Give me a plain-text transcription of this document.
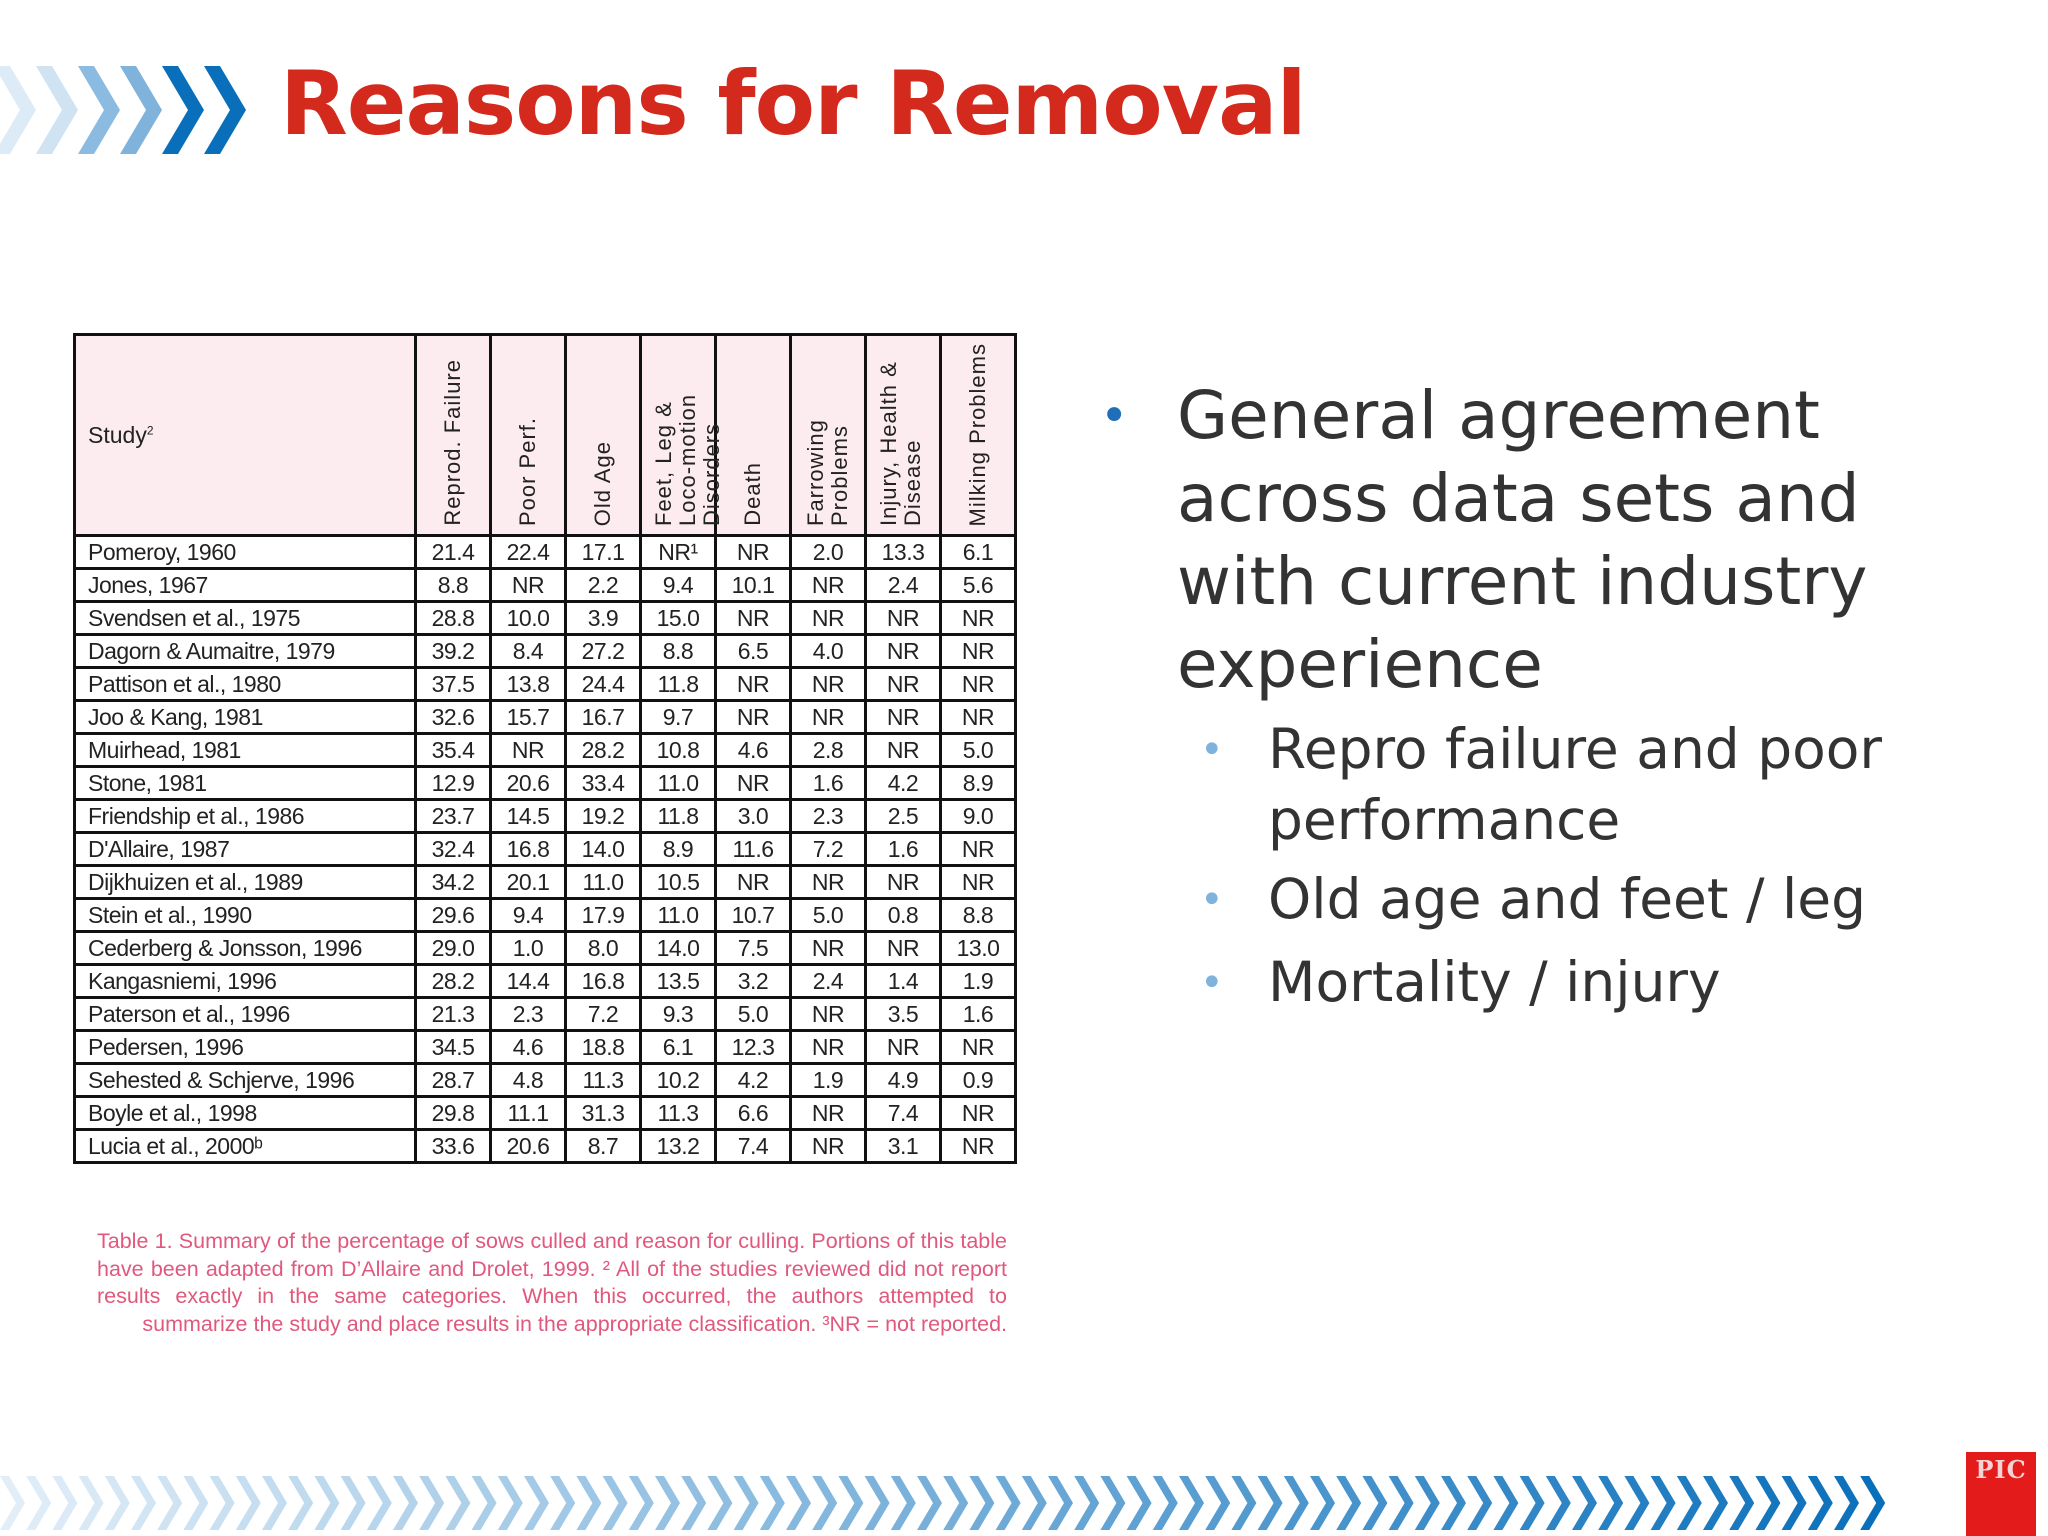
Reasons for Removal
Study$^2$	Reprod. Failure	Poor Perf.	Old Age	Feet, Leg & Loco-motion Disorders	Death	Farrowing Problems	Injury, Health & Disease	Milking Problems

Pomeroy, 1960	21.4	22.4	17.1	NR¹	NR	2.0	13.3	6.1
Jones, 1967	8.8	NR	2.2	9.4	10.1	NR	2.4	5.6
Svendsen et al., 1975	28.8	10.0	3.9	15.0	NR	NR	NR	NR
Dagorn & Aumaitre, 1979	39.2	8.4	27.2	8.8	6.5	4.0	NR	NR
Pattison et al., 1980	37.5	13.8	24.4	11.8	NR	NR	NR	NR
Joo & Kang, 1981	32.6	15.7	16.7	9.7	NR	NR	NR	NR
Muirhead, 1981	35.4	NR	28.2	10.8	4.6	2.8	NR	5.0
Stone, 1981	12.9	20.6	33.4	11.0	NR	1.6	4.2	8.9
Friendship et al., 1986	23.7	14.5	19.2	11.8	3.0	2.3	2.5	9.0
D'Allaire, 1987	32.4	16.8	14.0	8.9	11.6	7.2	1.6	NR
Dijkhuizen et al., 1989	34.2	20.1	11.0	10.5	NR	NR	NR	NR
Stein et al., 1990	29.6	9.4	17.9	11.0	10.7	5.0	0.8	8.8
Cederberg & Jonsson, 1996	29.0	1.0	8.0	14.0	7.5	NR	NR	13.0
Kangasniemi, 1996	28.2	14.4	16.8	13.5	3.2	2.4	1.4	1.9
Paterson et al., 1996	21.3	2.3	7.2	9.3	5.0	NR	3.5	1.6
Pedersen, 1996	34.5	4.6	18.8	6.1	12.3	NR	NR	NR
Sehested & Schjerve, 1996	28.7	4.8	11.3	10.2	4.2	1.9	4.9	0.9
Boyle et al., 1998	29.8	11.1	31.3	11.3	6.6	NR	7.4	NR
Lucia et al., 2000ᵇ	33.6	20.6	8.7	13.2	7.4	NR	3.1	NR
Table 1. Summary of the percentage of sows culled and reason for culling. Portions of this table have been adapted from D’Allaire and Drolet, 1999. ² All of the studies reviewed did not report results exactly in the same categories. When this occurred, the authors attempted to summarize the study and place results in the appropriate classification. ³NR = not reported.
• General agreement across data sets and with current industry experience
• Repro failure and poor performance
• Old age and feet / leg
• Mortality / injury
PIC
